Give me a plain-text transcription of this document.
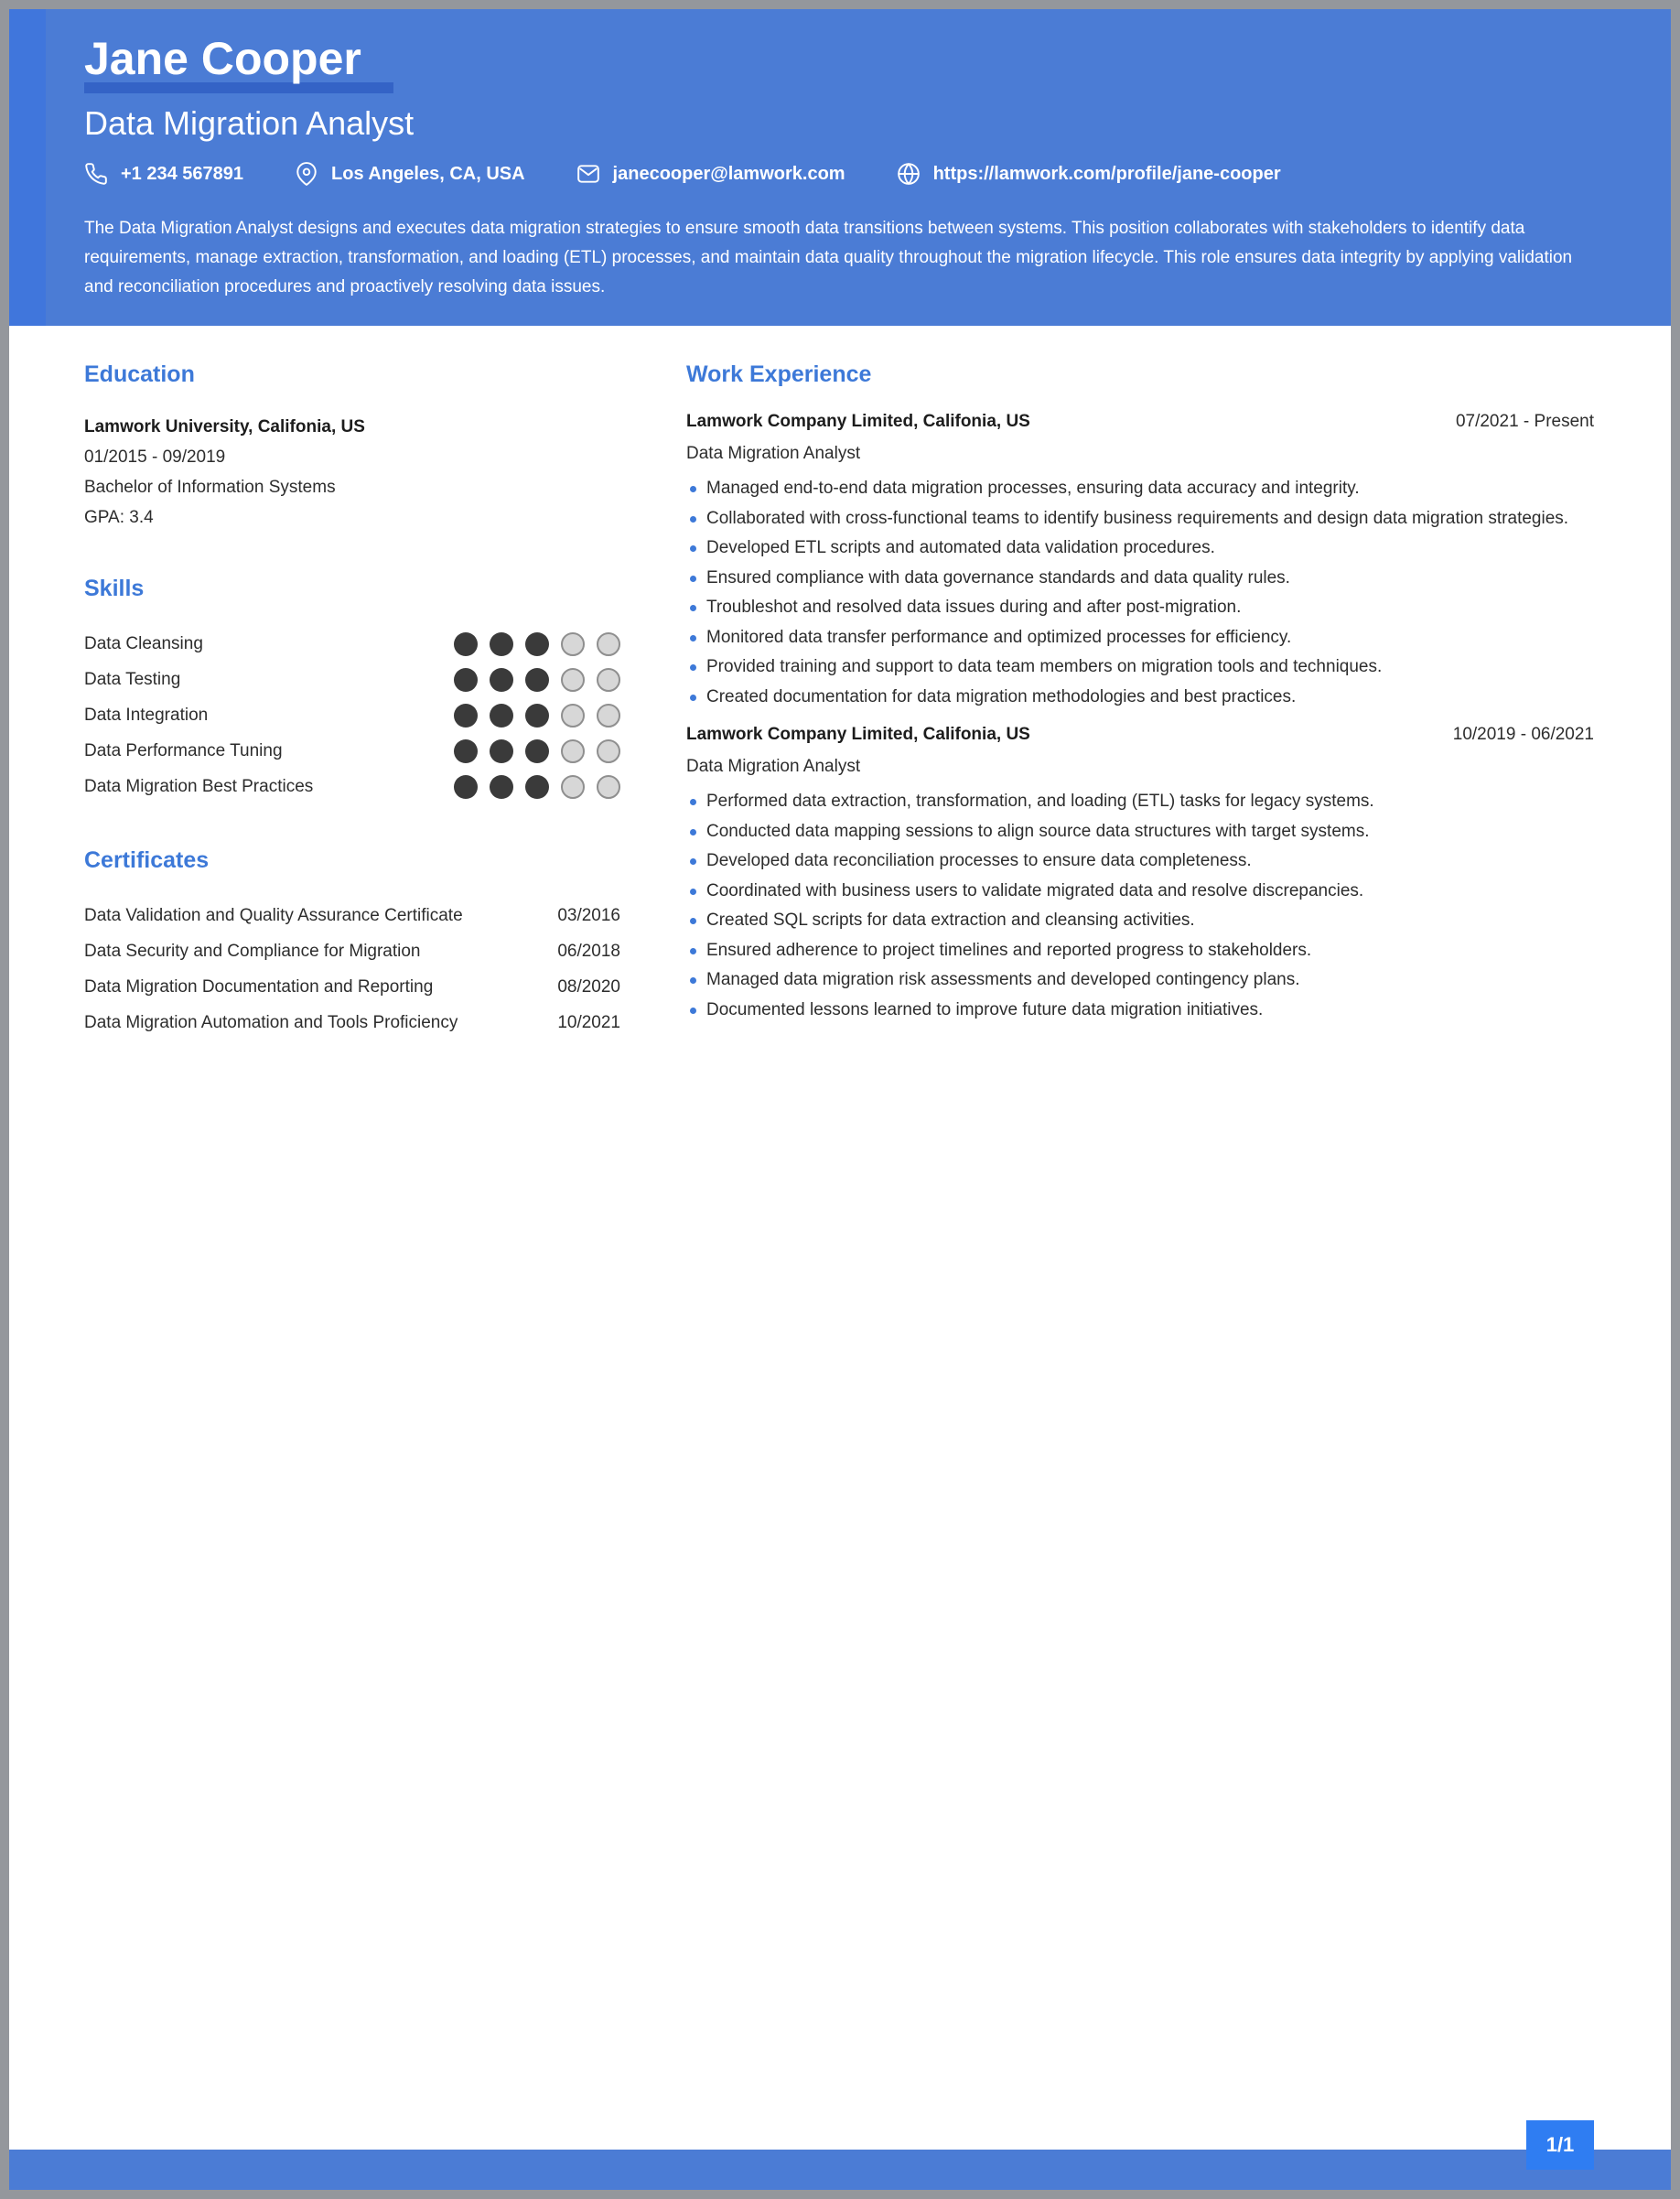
Jane Cooper
Data Migration Analyst
+1 234 567891	Los Angeles, CA, USA	janecooper@lamwork.com	https://lamwork.com/profile/jane-cooper
The Data Migration Analyst designs and executes data migration strategies to ensure smooth data transitions between systems. This position collaborates with stakeholders to identify data requirements, manage extraction, transformation, and loading (ETL) processes, and maintain data quality throughout the migration lifecycle. This role ensures data integrity by applying validation and reconciliation procedures and proactively resolving data issues.
Education

Lamwork University, Califonia, US

01/2015 - 09/2019

Bachelor of Information Systems

GPA: 3.4

Skills
Data Cleansing
Data Testing
Data Integration
Data Performance Tuning
Data Migration Best Practices
Certificates
Data Validation and Quality Assurance Certificate	03/2016
Data Security and Compliance for Migration	06/2018
Data Migration Documentation and Reporting	08/2020
Data Migration Automation and Tools Proficiency	10/2021
Work Experience
Lamwork Company Limited, Califonia, US	07/2021 - Present
Data Migration Analyst
Managed end-to-end data migration processes, ensuring data accuracy and integrity.
Collaborated with cross-functional teams to identify business requirements and design data migration strategies.
Developed ETL scripts and automated data validation procedures.
Ensured compliance with data governance standards and data quality rules.
Troubleshot and resolved data issues during and after post-migration.
Monitored data transfer performance and optimized processes for efficiency.
Provided training and support to data team members on migration tools and techniques.
Created documentation for data migration methodologies and best practices.
Lamwork Company Limited, Califonia, US	10/2019 - 06/2021
Data Migration Analyst
Performed data extraction, transformation, and loading (ETL) tasks for legacy systems.
Conducted data mapping sessions to align source data structures with target systems.
Developed data reconciliation processes to ensure data completeness.
Coordinated with business users to validate migrated data and resolve discrepancies.
Created SQL scripts for data extraction and cleansing activities.
Ensured adherence to project timelines and reported progress to stakeholders.
Managed data migration risk assessments and developed contingency plans.
Documented lessons learned to improve future data migration initiatives.
1/1
